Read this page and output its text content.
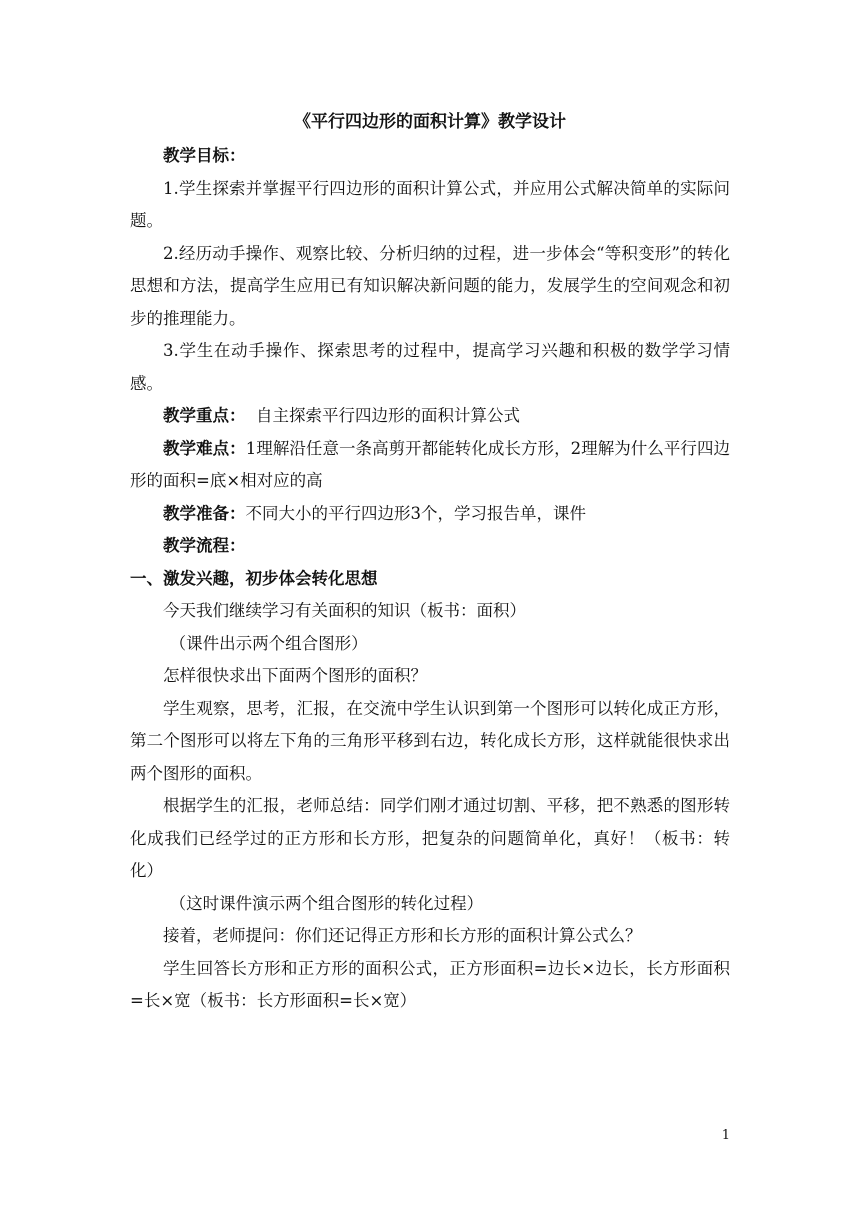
《平行四边形的面积计算》教学设计

教学目标：

1.学生探索并掌握平行四边形的面积计算公式，并应用公式解决简单的实际问题。

2.经历动手操作、观察比较、分析归纳的过程，进一步体会“等积变形”的转化思想和方法，提高学生应用已有知识解决新问题的能力，发展学生的空间观念和初步的推理能力。

3.学生在动手操作、探索思考的过程中，提高学习兴趣和积极的数学学习情感。

教学重点：  自主探索平行四边形的面积计算公式

教学难点：1理解沿任意一条高剪开都能转化成长方形，2理解为什么平行四边形的面积=底×相对应的高

教学准备：不同大小的平行四边形3个，学习报告单，课件

教学流程：

一、激发兴趣，初步体会转化思想

今天我们继续学习有关面积的知识（板书：面积）

（课件出示两个组合图形）

怎样很快求出下面两个图形的面积？

学生观察，思考，汇报，在交流中学生认识到第一个图形可以转化成正方形，第二个图形可以将左下角的三角形平移到右边，转化成长方形，这样就能很快求出两个图形的面积。

根据学生的汇报，老师总结：同学们刚才通过切割、平移，把不熟悉的图形转化成我们已经学过的正方形和长方形，把复杂的问题简单化，真好！（板书：转化）

（这时课件演示两个组合图形的转化过程）

接着，老师提问：你们还记得正方形和长方形的面积计算公式么？

学生回答长方形和正方形的面积公式，正方形面积=边长×边长，长方形面积=长×宽（板书：长方形面积=长×宽）

1
